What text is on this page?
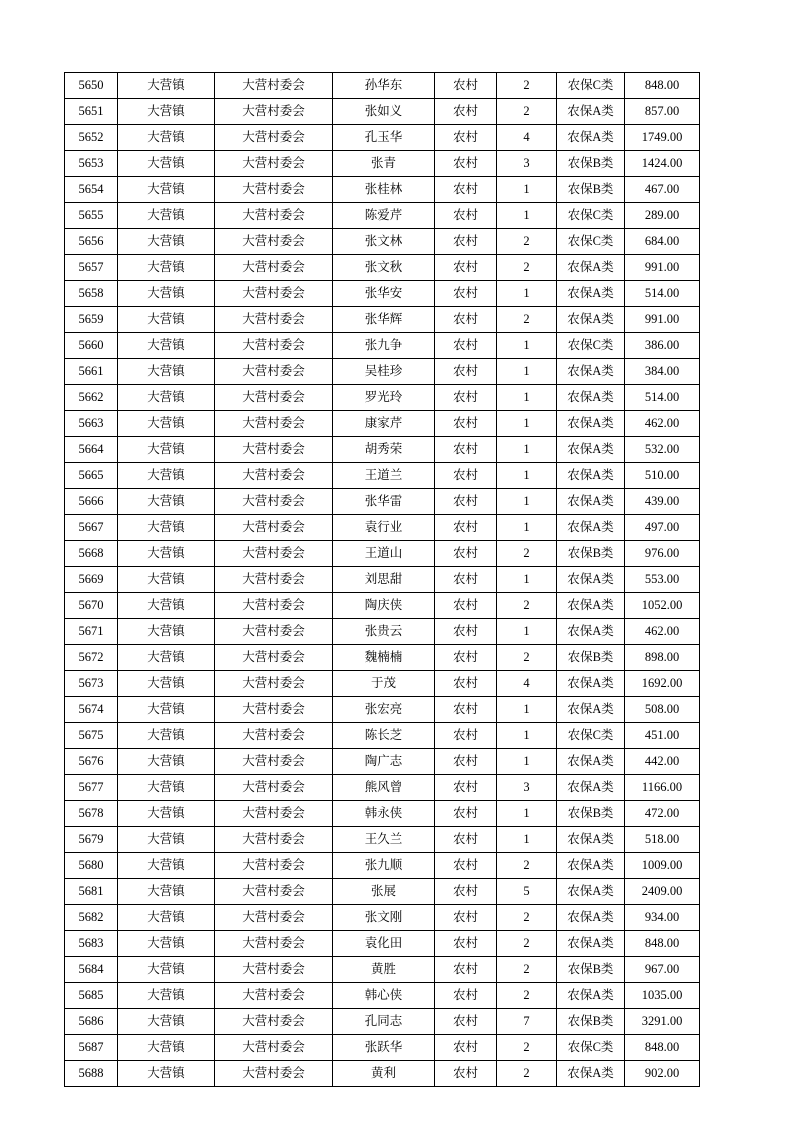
5650	大营镇	大营村委会	孙华东	农村	2	农保C类	848.00
5651	大营镇	大营村委会	张如义	农村	2	农保A类	857.00
5652	大营镇	大营村委会	孔玉华	农村	4	农保A类	1749.00
5653	大营镇	大营村委会	张青	农村	3	农保B类	1424.00
5654	大营镇	大营村委会	张桂林	农村	1	农保B类	467.00
5655	大营镇	大营村委会	陈爱芹	农村	1	农保C类	289.00
5656	大营镇	大营村委会	张文林	农村	2	农保C类	684.00
5657	大营镇	大营村委会	张文秋	农村	2	农保A类	991.00
5658	大营镇	大营村委会	张华安	农村	1	农保A类	514.00
5659	大营镇	大营村委会	张华辉	农村	2	农保A类	991.00
5660	大营镇	大营村委会	张九争	农村	1	农保C类	386.00
5661	大营镇	大营村委会	吴桂珍	农村	1	农保A类	384.00
5662	大营镇	大营村委会	罗光玲	农村	1	农保A类	514.00
5663	大营镇	大营村委会	康家芹	农村	1	农保A类	462.00
5664	大营镇	大营村委会	胡秀荣	农村	1	农保A类	532.00
5665	大营镇	大营村委会	王道兰	农村	1	农保A类	510.00
5666	大营镇	大营村委会	张华雷	农村	1	农保A类	439.00
5667	大营镇	大营村委会	袁行业	农村	1	农保A类	497.00
5668	大营镇	大营村委会	王道山	农村	2	农保B类	976.00
5669	大营镇	大营村委会	刘思甜	农村	1	农保A类	553.00
5670	大营镇	大营村委会	陶庆侠	农村	2	农保A类	1052.00
5671	大营镇	大营村委会	张贵云	农村	1	农保A类	462.00
5672	大营镇	大营村委会	魏楠楠	农村	2	农保B类	898.00
5673	大营镇	大营村委会	于茂	农村	4	农保A类	1692.00
5674	大营镇	大营村委会	张宏亮	农村	1	农保A类	508.00
5675	大营镇	大营村委会	陈长芝	农村	1	农保C类	451.00
5676	大营镇	大营村委会	陶广志	农村	1	农保A类	442.00
5677	大营镇	大营村委会	熊风曾	农村	3	农保A类	1166.00
5678	大营镇	大营村委会	韩永侠	农村	1	农保B类	472.00
5679	大营镇	大营村委会	王久兰	农村	1	农保A类	518.00
5680	大营镇	大营村委会	张九顺	农村	2	农保A类	1009.00
5681	大营镇	大营村委会	张展	农村	5	农保A类	2409.00
5682	大营镇	大营村委会	张文刚	农村	2	农保A类	934.00
5683	大营镇	大营村委会	袁化田	农村	2	农保A类	848.00
5684	大营镇	大营村委会	黄胜	农村	2	农保B类	967.00
5685	大营镇	大营村委会	韩心侠	农村	2	农保A类	1035.00
5686	大营镇	大营村委会	孔同志	农村	7	农保B类	3291.00
5687	大营镇	大营村委会	张跃华	农村	2	农保C类	848.00
5688	大营镇	大营村委会	黄利	农村	2	农保A类	902.00
